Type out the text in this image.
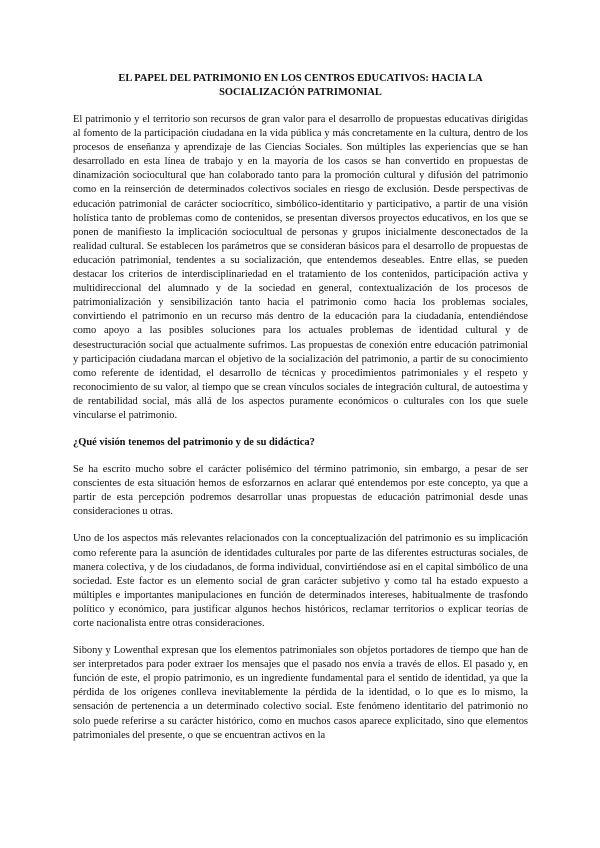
EL PAPEL DEL PATRIMONIO EN LOS CENTROS EDUCATIVOS: HACIA LA
SOCIALIZACIÓN PATRIMONIAL

El patrimonio y el territorio son recursos de gran valor para el desarrollo de propuestas educativas dirigidas al fomento de la participación ciudadana en la vida pública y más concretamente en la cultura, dentro de los procesos de enseñanza y aprendizaje de las Ciencias Sociales. Son múltiples las experiencias que se han desarrollado en esta línea de trabajo y en la mayoría de los casos se han convertido en propuestas de dinamización sociocultural que han colaborado tanto para la promoción cultural y difusión del patrimonio como en la reinserción de determinados colectivos sociales en riesgo de exclusión. Desde perspectivas de educación patrimonial de carácter sociocrítico, simbólico-identitario y participativo, a partir de una visión holística tanto de problemas como de contenidos, se presentan diversos proyectos educativos, en los que se ponen de manifiesto la implicación sociocultual de personas y grupos inicialmente desconectados de la realidad cultural. Se establecen los parámetros que se consideran básicos para el desarrollo de propuestas de educación patrimonial, tendentes a su socialización, que entendemos deseables. Entre ellas, se pueden destacar los criterios de interdisciplinariedad en el tratamiento de los contenidos, participación activa y multidireccional del alumnado y de la sociedad en general, contextualización de los procesos de patrimonialización y sensibilización tanto hacia el patrimonio como hacia los problemas sociales, convirtiendo el patrimonio en un recurso más dentro de la educación para la ciudadanía, entendiéndose como apoyo a las posibles soluciones para los actuales problemas de identidad cultural y de desestructuración social que actualmente sufrimos. Las propuestas de conexión entre educación patrimonial y participación ciudadana marcan el objetivo de la socialización del patrimonio, a partir de su conocimiento como referente de identidad, el desarrollo de técnicas y procedimientos patrimoniales y el respeto y reconocimiento de su valor, al tiempo que se crean vínculos sociales de integración cultural, de autoestima y de rentabilidad social, más allá de los aspectos puramente económicos o culturales con los que suele vincularse el patrimonio.

¿Qué visión tenemos del patrimonio y de su didáctica?

Se ha escrito mucho sobre el carácter polisémico del término patrimonio, sin embargo, a pesar de ser conscientes de esta situación hemos de esforzarnos en aclarar qué entendemos por este concepto, ya que a partir de esta percepción podremos desarrollar unas propuestas de educación patrimonial desde unas consideraciones u otras.

Uno de los aspectos más relevantes relacionados con la conceptualización del patrimonio es su implicación como referente para la asunción de identidades culturales por parte de las diferentes estructuras sociales, de manera colectiva, y de los ciudadanos, de forma individual, convirtiéndose así en el capital simbólico de una sociedad. Este factor es un elemento social de gran carácter subjetivo y como tal ha estado expuesto a múltiples e importantes manipulaciones en función de determinados intereses, habitualmente de trasfondo político y económico, para justificar algunos hechos históricos, reclamar territorios o explicar teorías de corte nacionalista entre otras consideraciones.

Sibony y Lowenthal expresan que los elementos patrimoniales son objetos portadores de tiempo que han de ser interpretados para poder extraer los mensajes que el pasado nos envía a través de ellos. El pasado y, en función de este, el propio patrimonio, es un ingrediente fundamental para el sentido de identidad, ya que la pérdida de los orígenes conlleva inevitablemente la pérdida de la identidad, o lo que es lo mismo, la sensación de pertenencia a un determinado colectivo social. Este fenómeno identitario del patrimonio no solo puede referirse a su carácter histórico, como en muchos casos aparece explicitado, sino que elementos patrimoniales del presente, o que se encuentran activos en la
